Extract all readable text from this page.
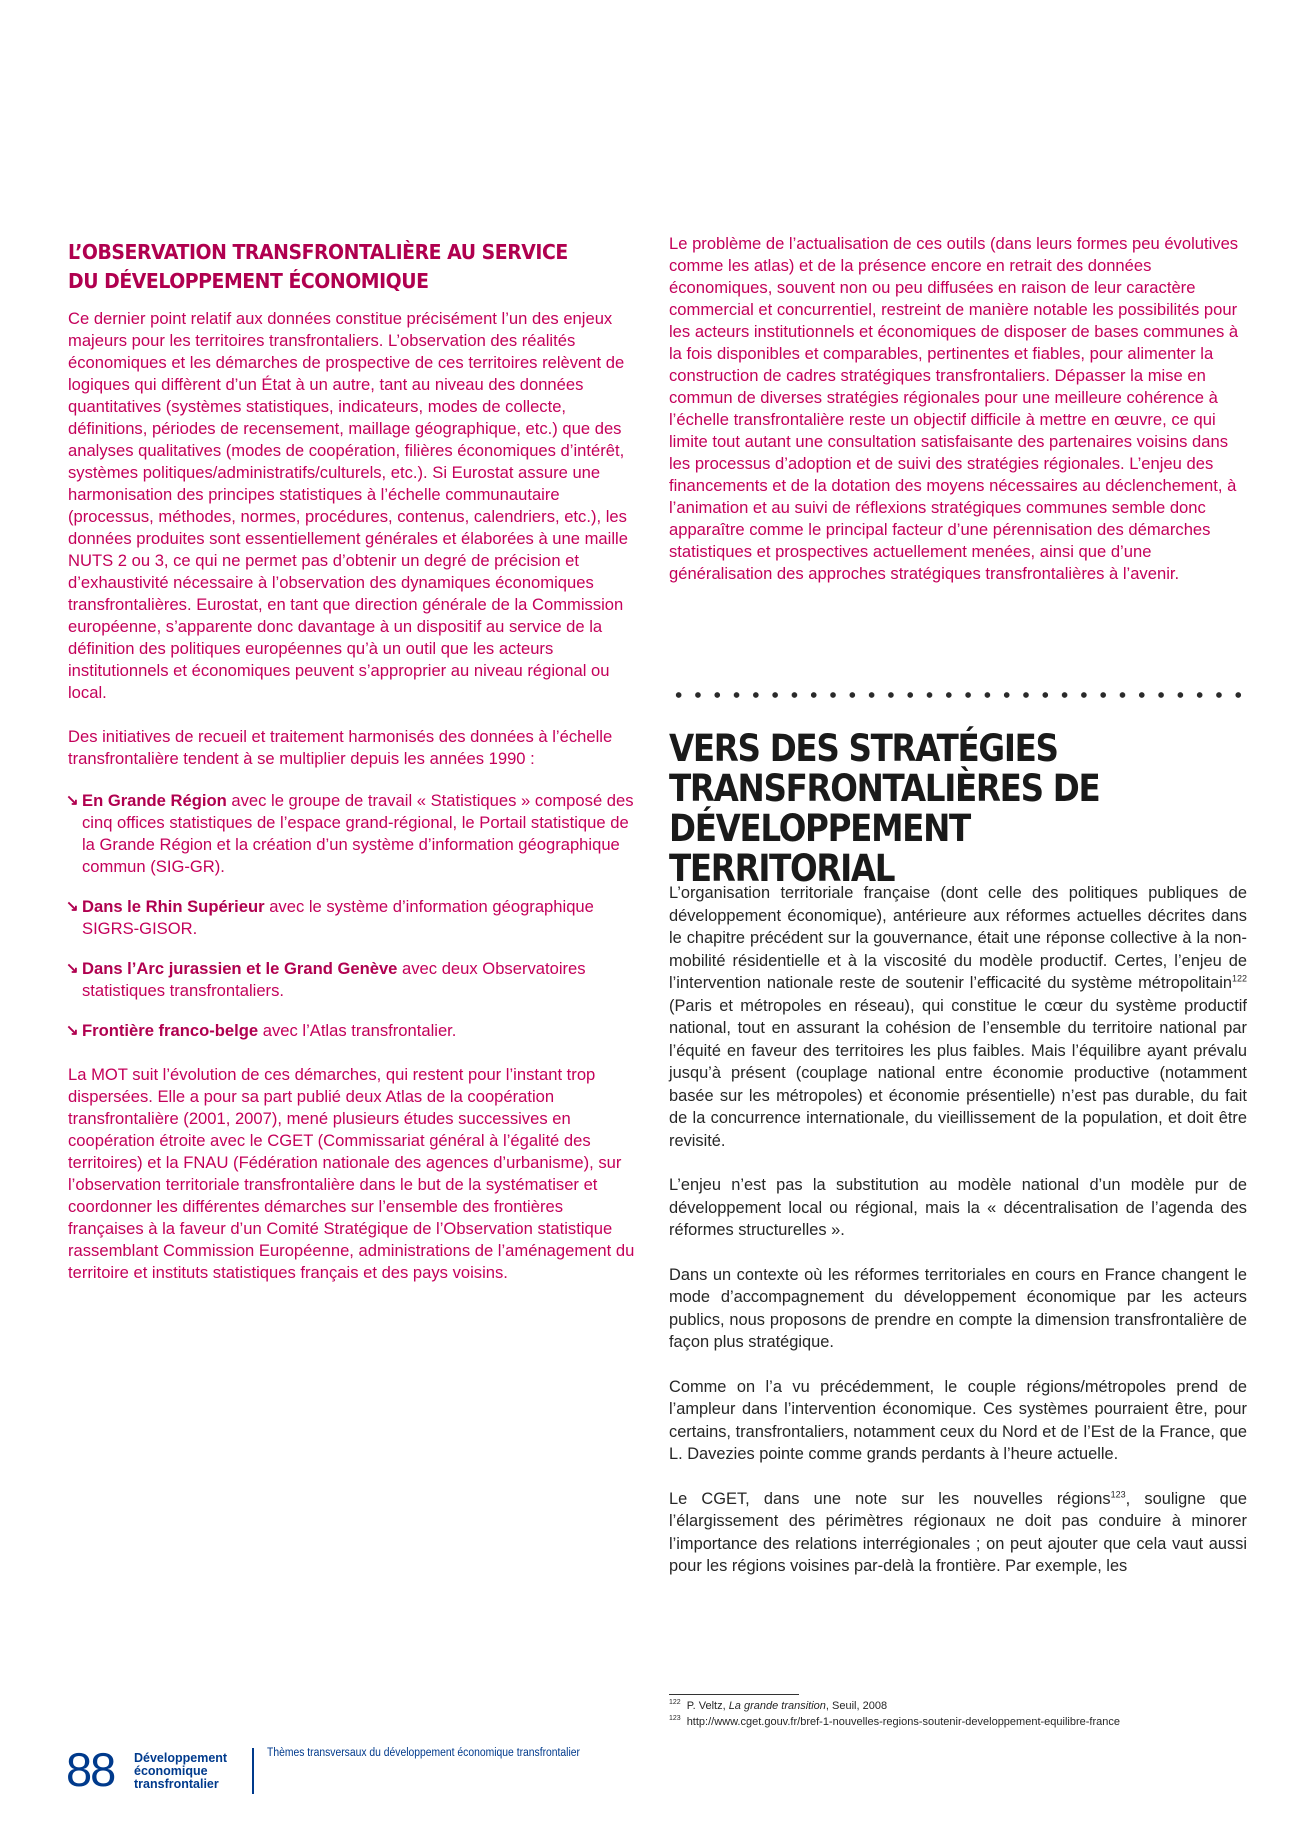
L’OBSERVATION TRANSFRONTALIÈRE AU SERVICE
DU DÉVELOPPEMENT ÉCONOMIQUE

Ce dernier point relatif aux données constitue précisément l’un des enjeux majeurs pour les territoires transfrontaliers. L’observation des réalités économiques et les démarches de prospective de ces territoires relèvent de logiques qui diffèrent d’un État à un autre, tant au niveau des données quantitatives (systèmes statistiques, indicateurs, modes de collecte, définitions, périodes de recensement, maillage géographique, etc.) que des analyses qualitatives (modes de coopération, filières économiques d’intérêt, systèmes politiques/administratifs/culturels, etc.). Si Eurostat assure une harmonisation des principes statistiques à l’échelle communautaire (processus, méthodes, normes, procédures, contenus, calendriers, etc.), les données produites sont essentiellement générales et élaborées à une maille NUTS 2 ou 3, ce qui ne permet pas d’obtenir un degré de précision et d’exhaustivité nécessaire à l’observation des dynamiques économiques transfrontalières. Eurostat, en tant que direction générale de la Commission européenne, s’apparente donc davantage à un dispositif au service de la définition des politiques européennes qu’à un outil que les acteurs institutionnels et économiques peuvent s’approprier au niveau régional ou local.

Des initiatives de recueil et traitement harmonisés des données à l’échelle transfrontalière tendent à se multiplier depuis les années 1990 :

↘ En Grande Région avec le groupe de travail « Statistiques » composé des cinq offices statistiques de l’espace grand-régional, le Portail statistique de la Grande Région et la création d’un système d’information géographique commun (SIG-GR).
↘ Dans le Rhin Supérieur avec le système d’information géographique SIGRS-GISOR.
↘ Dans l’Arc jurassien et le Grand Genève avec deux Observatoires statistiques transfrontaliers.
↘ Frontière franco-belge avec l’Atlas transfrontalier.

La MOT suit l’évolution de ces démarches, qui restent pour l’instant trop dispersées. Elle a pour sa part publié deux Atlas de la coopération transfrontalière (2001, 2007), mené plusieurs études successives en coopération étroite avec le CGET (Commissariat général à l’égalité des territoires) et la FNAU (Fédération nationale des agences d’urbanisme), sur l’observation territoriale transfrontalière dans le but de la systématiser et coordonner les différentes démarches sur l’ensemble des frontières françaises à la faveur d’un Comité Stratégique de l’Observation statistique rassemblant Commission Européenne, administrations de l’aménagement du territoire et instituts statistiques français et des pays voisins.

Le problème de l’actualisation de ces outils (dans leurs formes peu évolutives comme les atlas) et de la présence encore en retrait des données économiques, souvent non ou peu diffusées en raison de leur caractère commercial et concurrentiel, restreint de manière notable les possibilités pour les acteurs institutionnels et économiques de disposer de bases communes à la fois disponibles et comparables, pertinentes et fiables, pour alimenter la construction de cadres stratégiques transfrontaliers. Dépasser la mise en commun de diverses stratégies régionales pour une meilleure cohérence à l’échelle transfrontalière reste un objectif difficile à mettre en œuvre, ce qui limite tout autant une consultation satisfaisante des partenaires voisins dans les processus d’adoption et de suivi des stratégies régionales. L’enjeu des financements et de la dotation des moyens nécessaires au déclenchement, à l’animation et au suivi de réflexions stratégiques communes semble donc apparaître comme le principal facteur d’une pérennisation des démarches statistiques et prospectives actuellement menées, ainsi que d’une généralisation des approches stratégiques transfrontalières à l’avenir.

VERS DES STRATÉGIES
TRANSFRONTALIÈRES DE
DÉVELOPPEMENT TERRITORIAL

L’organisation territoriale française (dont celle des politiques publiques de développement économique), antérieure aux réformes actuelles décrites dans le chapitre précédent sur la gouvernance, était une réponse collective à la non-mobilité résidentielle et à la viscosité du modèle productif. Certes, l’enjeu de l’intervention nationale reste de soutenir l’efficacité du système métropolitain$^{122}$ (Paris et métropoles en réseau), qui constitue le cœur du système productif national, tout en assurant la cohésion de l’ensemble du territoire national par l’équité en faveur des territoires les plus faibles. Mais l’équilibre ayant prévalu jusqu’à présent (couplage national entre économie productive (notamment basée sur les métropoles) et économie présentielle) n’est pas durable, du fait de la concurrence internationale, du vieillissement de la population, et doit être revisité.

L’enjeu n’est pas la substitution au modèle national d’un modèle pur de développement local ou régional, mais la « décentralisation de l’agenda des réformes structurelles ».

Dans un contexte où les réformes territoriales en cours en France changent le mode d’accompagnement du développement économique par les acteurs publics, nous proposons de prendre en compte la dimension transfrontalière de façon plus stratégique.

Comme on l’a vu précédemment, le couple régions/métropoles prend de l’ampleur dans l’intervention économique. Ces systèmes pourraient être, pour certains, transfrontaliers, notamment ceux du Nord et de l’Est de la France, que L. Davezies pointe comme grands perdants à l’heure actuelle.

Le CGET, dans une note sur les nouvelles régions$^{123}$, souligne que l’élargissement des périmètres régionaux ne doit pas conduire à minorer l’importance des relations interrégionales ; on peut ajouter que cela vaut aussi pour les régions voisines par-delà la frontière. Par exemple, les

$^{122}$ P. Veltz, La grande transition, Seuil, 2008
$^{123}$ http://www.cget.gouv.fr/bref-1-nouvelles-regions-soutenir-developpement-equilibre-france
88 Développement
économique
transfrontalier
Thèmes transversaux du développement économique transfrontalier
